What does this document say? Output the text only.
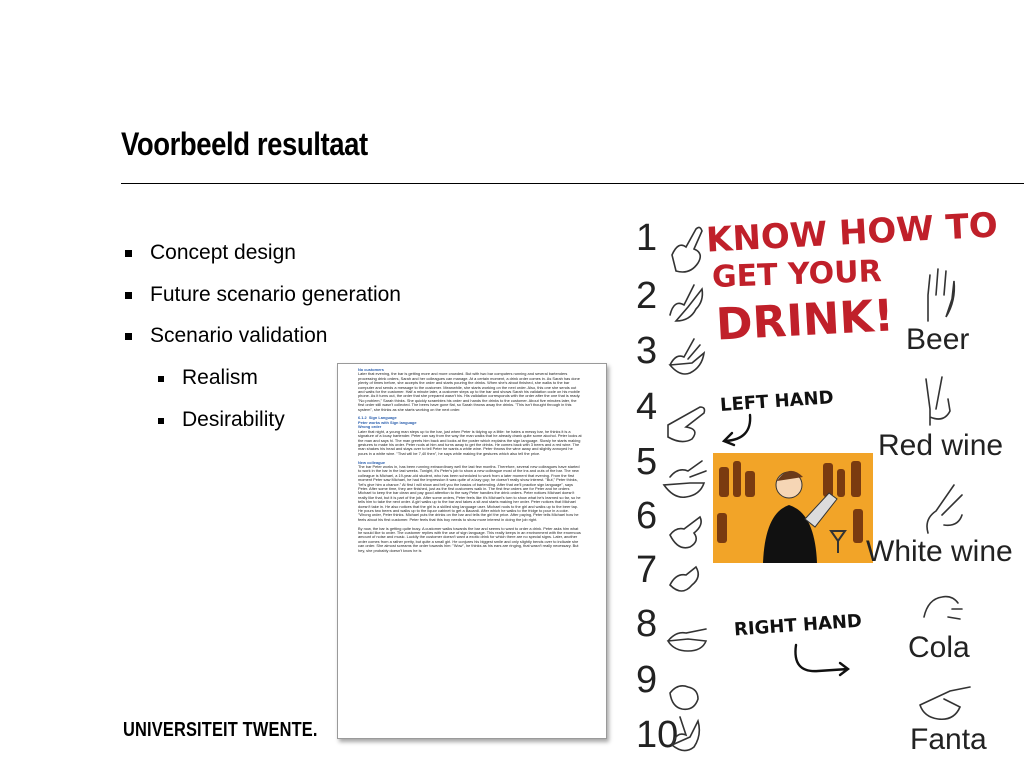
Voorbeeld resultaat
Concept design
Future scenario generation
Scenario validation
Realism
Desirability
No customers
Later that evening, the bar is getting more and more crowded. But with two bar computers running and several bartenders processing drink orders, Sarah and her colleagues can manage. At a certain moment, a drink order comes in. As Sarah has done plenty of times before, she accepts the order and starts pouring the drinks. When she's about finished, she walks to the bar computer and sends a message to the customer. Meanwhile, she starts working on the next order. Also, this one she sends out and waits for the customer. Half a minute later, a customer steps up to the bar and shows Sarah his validation code on his mobile phone. As it turns out, the order that she prepared wasn't his. His validation corresponds with the order after the one that is ready. "No problem," Sarah thinks. She quickly scrambles his order and hands the drinks to the customer. About five minutes later, the first order still wasn't collected. The beers have gone flat, so Sarah throws away the drinks. "This isn't thought through in this system", she thinks as she starts working on the next order.

6.1.2  Sign Language
Peter works with Sign language
Wrong order
Later that night, a young man steps up to the bar, just when Peter is tidying up a little: he hates a messy bar, he thinks it is a signature of a lousy bartender. Peter can say from the way the man walks that he already drank quite some alcohol. Peter looks at the man and says hi. The man greets him back and looks at the poster which explains the sign language. Slowly he starts making gestures to make his order. Peter nods at him and turns away to get the drinks. He comes back with 3 beers and a red wine. The man shakes his head and stays over to tell Peter he wants a white wine. Peter throws the wine away and slightly annoyed he pours in a white wine. "That will be 7,40 then", he says while making the gestures which also tell the price.

New colleague
The bar Peter works in, has been running extraordinary well the last few months. Therefore, several new colleagues have started to work in the bar in the last weeks. Tonight, it's Peter's job to show a new colleague most of the ins and outs of the bar. The new colleague is Michael, a 19-year-old student, who has been scheduled to work from a later moment that evening. From the first moment Peter saw Michael, he had the impression it was quite of a lazy guy; he doesn't really show interest. "But," Peter thinks, "let's give him a chance." At first I will show and tell you the basics of bartending. After that we'll practice sign language", says Peter. After some time, they are finished, just as the first customers walk in. The first few orders are for Peter and he orders Michael to keep the bar clean and pay good attention to the way Peter handles the drink orders. Peter notices Michael doesn't really like that, but it is part of the job. After some orders, Peter feels like it's Michael's turn to show what he's learned so far, so he tells him to take the next order. A girl walks up to the bar and takes a sit and starts making her order. Peter notices that Michael doesn't take in. He also notices that the girl is a skilled sing language user. Michael nods to the girl and walks up to the beer tap. He pours two beers and walks up to the liquor cabinet to get a Bacardi. After which he walks to the fridge to pour in a coke. "Wrong order, Peter thinks. Michael puts the drinks on the bar and tells the girl the price. After paying, Peter tells Michael how he feels about his first customer. Peter feels that this boy needs to show more interest in doing the job right.

By now, the bar is getting quite busy. A customer walks towards the bar and seems to want to order a drink. Peter asks him what he would like to order. The customer replies with the use of sign language. This really keeps in an environment with the enormous amount of noise and music. Luckily the customer doesn't want a exotic drink for which there are no special signs. Later, another order comes from a rather pretty, but quite a small girl. He conjures his biggest smile and only slightly bends over to indicate she can order. She almost screams the order towards him: "Wow", he thinks as his ears are ringing, that wasn't really necessary. But hey, she probably doesn't know he is
UNIVERSITEIT TWENTE.
1
2
3
4
5
6
7
8
9
10
KNOW HOW TO
GET YOUR
DRINK!
LEFT HAND
RIGHT HAND
Beer
Red wine
White wine
Cola
Fanta
